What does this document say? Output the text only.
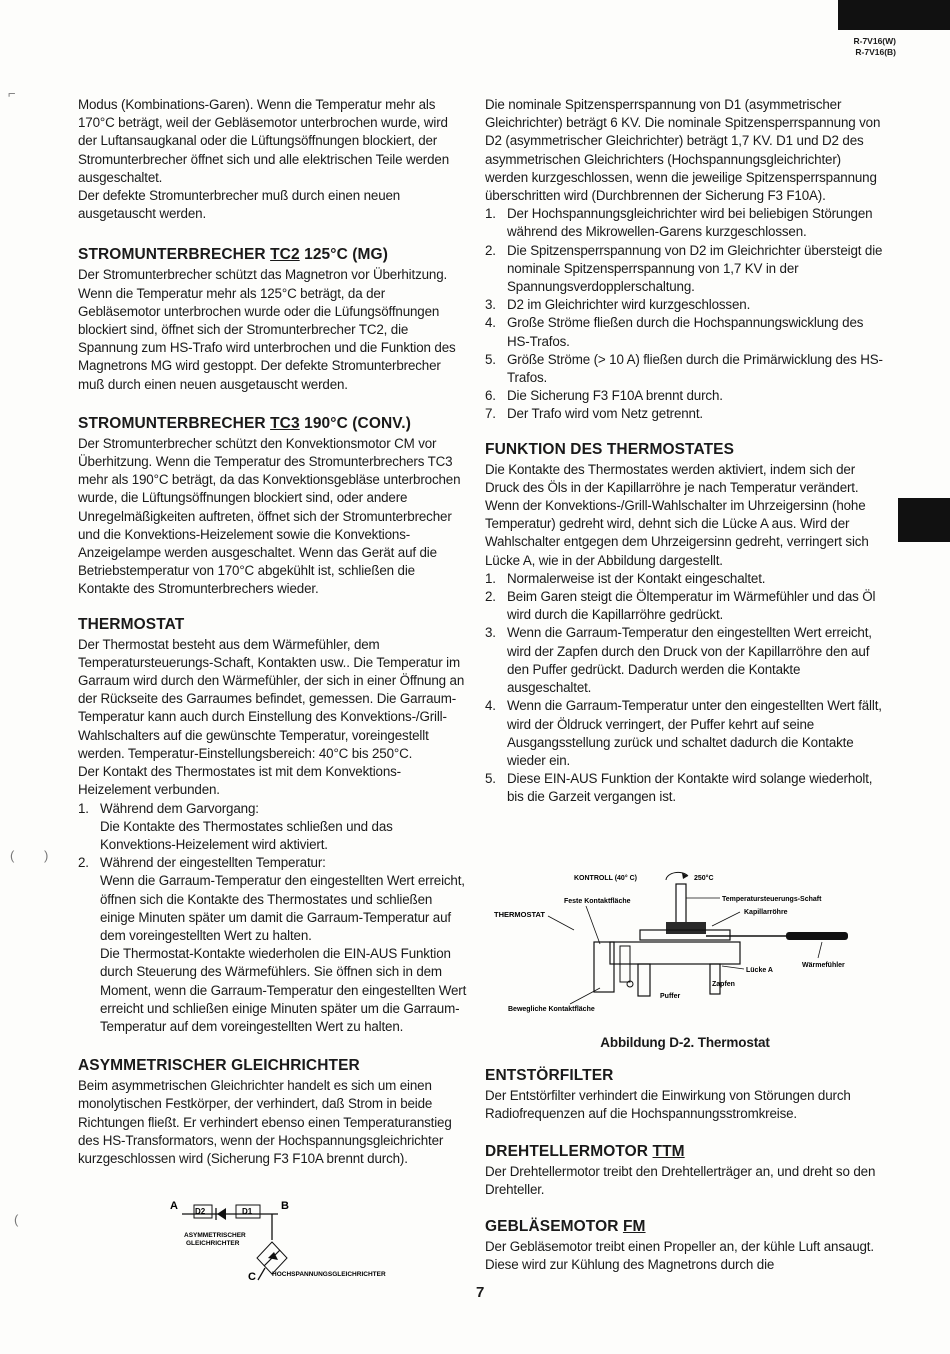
R-7V16(W)
R-7V16(B)
⌐
( )
(

Modus (Kombinations-Garen). Wenn die Temperatur mehr als 170°C beträgt, weil der Gebläsemotor unterbrochen wurde, wird der Luftansaugkanal oder die Lüftungsöffnungen blockiert, der Stromunterbrecher öffnet sich und alle elektrischen Teile werden ausgeschaltet.

Der defekte Stromunterbrecher muß durch einen neuen ausgetauscht werden.

STROMUNTERBRECHER TC2 125°C (MG)

Der Stromunterbrecher schützt das Magnetron vor Überhitzung. Wenn die Temperatur mehr als 125°C beträgt, da der Gebläsemotor unterbrochen wurde oder die Lüfungsöffnungen blockiert sind, öffnet sich der Stromunterbrecher TC2, die Spannung zum HS-Trafo wird unterbrochen und die Funktion des Magnetrons MG wird gestoppt. Der defekte Stromunterbrecher muß durch einen neuen ausgetauscht werden.

STROMUNTERBRECHER TC3 190°C (CONV.)

Der Stromunterbrecher schützt den Konvektionsmotor CM vor Überhitzung. Wenn die Temperatur des Stromunterbrechers TC3 mehr als 190°C beträgt, da das Konvektionsgebläse unterbrochen wurde, die Lüftungsöffnungen blockiert sind, oder andere Unregelmäßigkeiten auftreten, öffnet sich der Stromunterbrecher und die Konvektions-Heizelement sowie die Konvektions-Anzeigelampe werden ausgeschaltet. Wenn das Gerät auf die Betriebstemperatur von 170°C abgekühlt ist, schließen die Kontakte des Stromunterbrechers wieder.

THERMOSTAT

Der Thermostat besteht aus dem Wärmefühler, dem Temperatursteuerungs-Schaft, Kontakten usw.. Die Temperatur im Garraum wird durch den Wärmefühler, der sich in einer Öffnung an der Rückseite des Garraumes befindet, gemessen. Die Garraum-Temperatur kann auch durch Einstellung des Konvektions-/Grill-Wahlschalters auf die gewünschte Temperatur, voreingestellt werden. Temperatur-Einstellungsbereich: 40°C bis 250°C.

Der Kontakt des Thermostates ist mit dem Konvektions-Heizelement verbunden.

1. Während dem Garvorgang:
Die Kontakte des Thermostates schließen und das Konvektions-Heizelement wird aktiviert.
2. Während der eingestellten Temperatur:
Wenn die Garraum-Temperatur den eingestellten Wert erreicht, öffnen sich die Kontakte des Thermostates und schließen einige Minuten später um damit die Garraum-Temperatur auf dem voreingestellten Wert zu halten.
Die Thermostat-Kontakte wiederholen die EIN-AUS Funktion durch Steuerung des Wärmefühlers. Sie öffnen sich in dem Moment, wenn die Garraum-Temperatur den eingestellten Wert erreicht und schließen einige Minuten später um die Garraum-Temperatur auf dem voreingestellten Wert zu halten.
ASYMMETRISCHER GLEICHRICHTER

Beim asymmetrischen Gleichrichter handelt es sich um einen monolytischen Festkörper, der verhindert, daß Strom in beide Richtungen fließt. Er verhindert ebenso einen Temperaturanstieg des HS-Transformators, wenn der Hochspannungsgleichrichter kurzgeschlossen wird (Sicherung F3 F10A brennt durch).

A	B
D2	D1
ASYMMETRISCHER
GLEICHRICHTER
C HOCHSPANNUNGSGLEICHRICHTER

Die nominale Spitzensperrspannung von D1 (asymmetrischer Gleichrichter) beträgt 6 KV. Die nominale Spitzensperrspannung von D2 (asymmetrischer Gleichrichter) beträgt 1,7 KV. D1 und D2 des asymmetrischen Gleichrichters (Hochspannungsgleichrichter) werden kurzgeschlossen, wenn die jeweilige Spitzensperrspannung überschritten wird (Durchbrennen der Sicherung F3 F10A).

1. Der Hochspannungsgleichrichter wird bei beliebigen Störungen während des Mikrowellen-Garens kurzgeschlossen.
2. Die Spitzensperrspannung von D2 im Gleichrichter übersteigt die nominale Spitzensperrspannung von 1,7 KV in der Spannungsverdopplerschaltung.
3. D2 im Gleichrichter wird kurzgeschlossen.
4. Große Ströme fließen durch die Hochspannungswicklung des HS-Trafos.
5. Größe Ströme (> 10 A) fließen durch die Primärwicklung des HS-Trafos.
6. Die Sicherung F3 F10A brennt durch.
7. Der Trafo wird vom Netz getrennt.
FUNKTION DES THERMOSTATES

Die Kontakte des Thermostates werden aktiviert, indem sich der Druck des Öls in der Kapillarröhre je nach Temperatur verändert. Wenn der Konvektions-/Grill-Wahlschalter im Uhrzeigersinn (hohe Temperatur) gedreht wird, dehnt sich die Lücke A aus. Wird der Wahlschalter entgegen dem Uhrzeigersinn gedreht, verringert sich Lücke A, wie in der Abbildung dargestellt.

1. Normalerweise ist der Kontakt eingeschaltet.
2. Beim Garen steigt die Öltemperatur im Wärmefühler und das Öl wird durch die Kapillarröhre gedrückt.
3. Wenn die Garraum-Temperatur den eingestellten Wert erreicht, wird der Zapfen durch den Druck von der Kapillarröhre den auf den Puffer gedrückt. Dadurch werden die Kontakte ausgeschaltet.
4. Wenn die Garraum-Temperatur unter den eingestellten Wert fällt, wird der Öldruck verringert, der Puffer kehrt auf seine Ausgangsstellung zurück und schaltet dadurch die Kontakte wieder ein.
5. Diese EIN-AUS Funktion der Kontakte wird solange wiederholt, bis die Garzeit vergangen ist.
KONTROLL (40° C)	250°C
Feste Kontaktfläche	Temperatursteuerungs-Schaft
Kapillarröhre
THERMOSTAT
Lücke A
Wärmefühler
Zapfen
Puffer
Bewegliche Kontaktfläche
Abbildung D-2. Thermostat
ENTSTÖRFILTER

Der Entstörfilter verhindert die Einwirkung von Störungen durch Radiofrequenzen auf die Hochspannungsstromkreise.

DREHTELLERMOTOR TTM

Der Drehtellermotor treibt den Drehtellerträger an, und dreht so den Drehteller.

GEBLÄSEMOTOR FM

Der Gebläsemotor treibt einen Propeller an, der kühle Luft ansaugt. Diese wird zur Kühlung des Magnetrons durch die

7
